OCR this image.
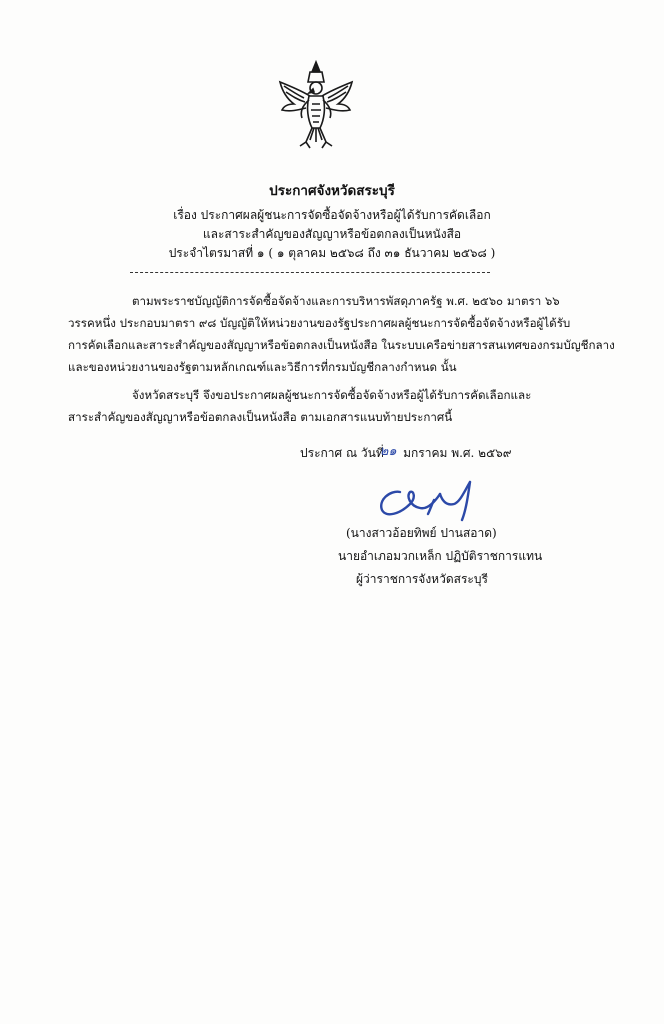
ประกาศจังหวัดสระบุรี
เรื่อง ประกาศผลผู้ชนะการจัดซื้อจัดจ้างหรือผู้ได้รับการคัดเลือก
และสาระสำคัญของสัญญาหรือข้อตกลงเป็นหนังสือ
ประจำไตรมาสที่ ๑ ( ๑ ตุลาคม ๒๕๖๘ ถึง ๓๑ ธันวาคม ๒๕๖๘ )
ตามพระราชบัญญัติการจัดซื้อจัดจ้างและการบริหารพัสดุภาครัฐ พ.ศ. ๒๕๖๐ มาตรา ๖๖
วรรคหนึ่ง ประกอบมาตรา ๙๘ บัญญัติให้หน่วยงานของรัฐประกาศผลผู้ชนะการจัดซื้อจัดจ้างหรือผู้ได้รับ
การคัดเลือกและสาระสำคัญของสัญญาหรือข้อตกลงเป็นหนังสือ ในระบบเครือข่ายสารสนเทศของกรมบัญชีกลาง
และของหน่วยงานของรัฐตามหลักเกณฑ์และวิธีการที่กรมบัญชีกลางกำหนด นั้น
จังหวัดสระบุรี จึงขอประกาศผลผู้ชนะการจัดซื้อจัดจ้างหรือผู้ได้รับการคัดเลือกและ
สาระสำคัญของสัญญาหรือข้อตกลงเป็นหนังสือ ตามเอกสารแนบท้ายประกาศนี้
ประกาศ ณ วันที่
๒๑ มกราคม พ.ศ. ๒๕๖๙
(นางสาวอ้อยทิพย์ ปานสอาด)
นายอำเภอมวกเหล็ก ปฏิบัติราชการแทน
ผู้ว่าราชการจังหวัดสระบุรี
